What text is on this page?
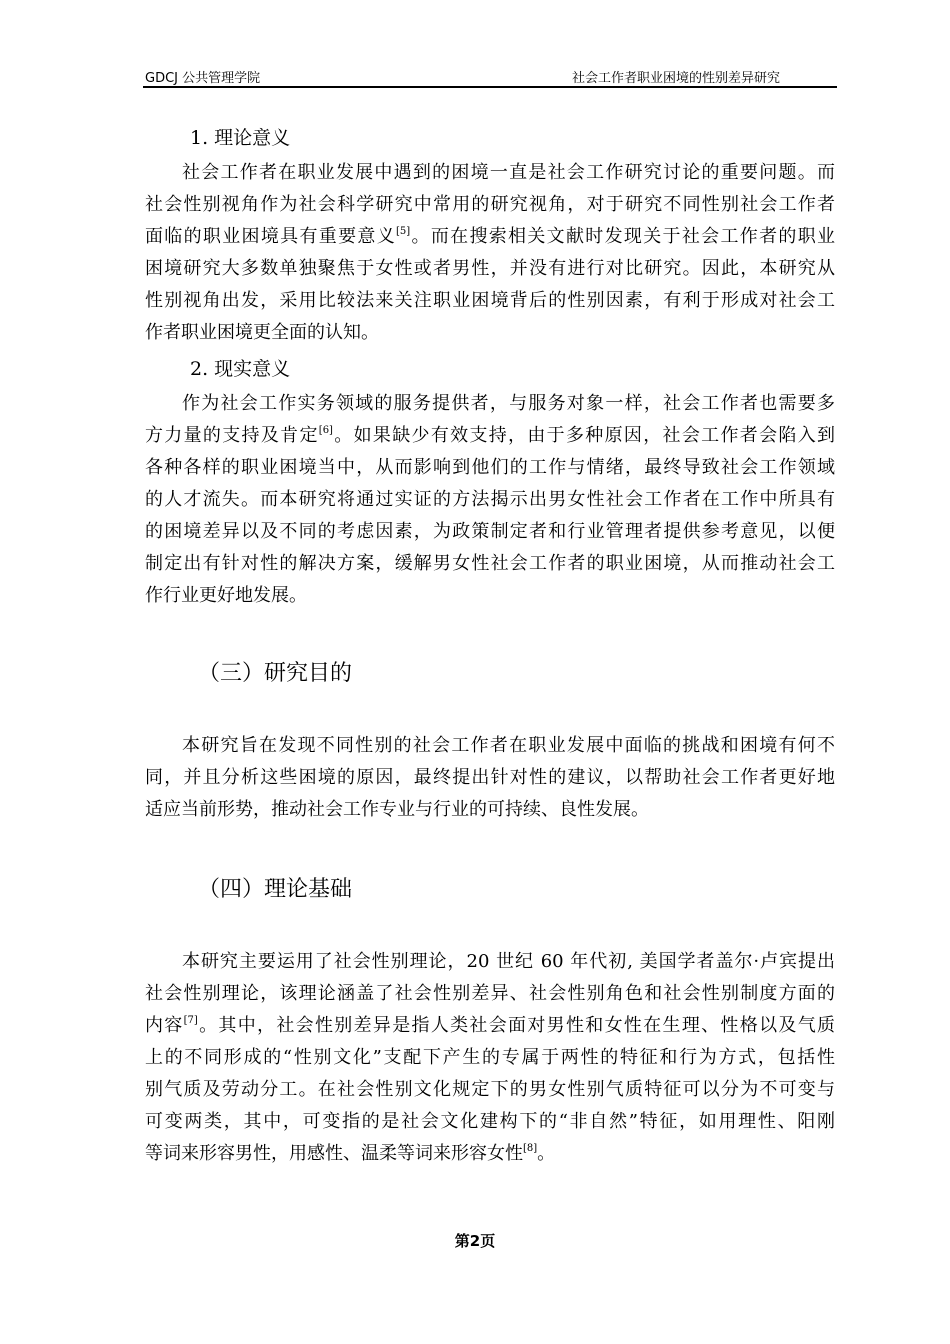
GDCJ 公共管理学院	社会工作者职业困境的性别差异研究
1. 理论意义
社会工作者在职业发展中遇到的困境一直是社会工作研究讨论的重要问题。而
社会性别视角作为社会科学研究中常用的研究视角，对于研究不同性别社会工作者
面临的职业困境具有重要意义[5]。而在搜索相关文献时发现关于社会工作者的职业
困境研究大多数单独聚焦于女性或者男性，并没有进行对比研究。因此，本研究从
性别视角出发，采用比较法来关注职业困境背后的性别因素，有利于形成对社会工
作者职业困境更全面的认知。
2. 现实意义
作为社会工作实务领域的服务提供者，与服务对象一样，社会工作者也需要多
方力量的支持及肯定[6]。如果缺少有效支持，由于多种原因，社会工作者会陷入到
各种各样的职业困境当中，从而影响到他们的工作与情绪，最终导致社会工作领域
的人才流失。而本研究将通过实证的方法揭示出男女性社会工作者在工作中所具有
的困境差异以及不同的考虑因素，为政策制定者和行业管理者提供参考意见，以便
制定出有针对性的解决方案，缓解男女性社会工作者的职业困境，从而推动社会工
作行业更好地发展。
（三）研究目的
本研究旨在发现不同性别的社会工作者在职业发展中面临的挑战和困境有何不
同，并且分析这些困境的原因，最终提出针对性的建议，以帮助社会工作者更好地
适应当前形势，推动社会工作专业与行业的可持续、良性发展。
（四）理论基础
本研究主要运用了社会性别理论，20 世纪 60 年代初, 美国学者盖尔·卢宾提出
社会性别理论，该理论涵盖了社会性别差异、社会性别角色和社会性别制度方面的
内容[7]。其中，社会性别差异是指人类社会面对男性和女性在生理、性格以及气质
上的不同形成的“性别文化”支配下产生的专属于两性的特征和行为方式，包括性
别气质及劳动分工。在社会性别文化规定下的男女性别气质特征可以分为不可变与
可变两类，其中，可变指的是社会文化建构下的“非自然”特征，如用理性、阳刚
等词来形容男性，用感性、温柔等词来形容女性[8]。
第2页
